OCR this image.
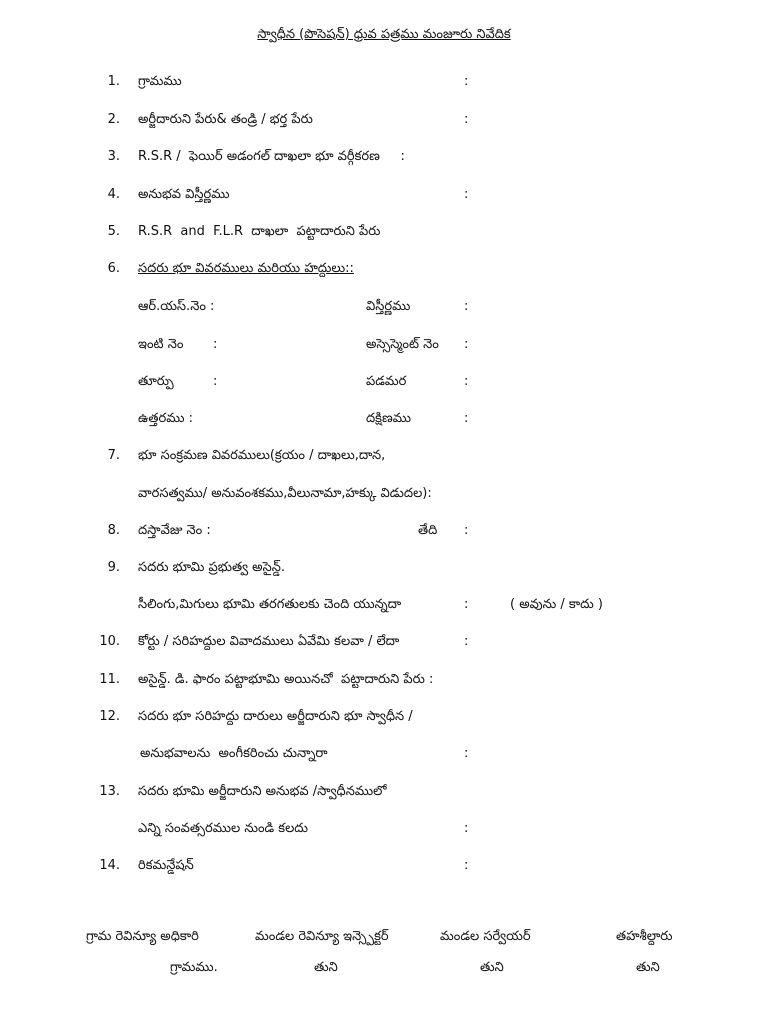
స్వాధీన (పొసెషన్) ధ్రువ పత్రము మంజూరు నివేదిక
1. గ్రామము	:
2. అర్జీదారుని పేరు& తండ్రి / భర్త పేరు	:
3. R.S.R /  ఫెయిర్ అడంగల్ దాఖలా భూ వర్గీకరణ     :
4. అనుభవ విస్తీర్ణము	:
5. R.S.R  and  F.L.R  దాఖలా  పట్టాదారుని పేరు
6. సదరు భూ వివరములు మరియు హద్దులు::
ఆర్.యస్.నెం :	విస్తీర్ణము	:
ఇంటి నెం :	అస్సెస్మెంట్ నెం :
తూర్పు	:	పడమర	:
ఉత్తరము :	దక్షిణము	:
7. భూ సంక్రమణ వివరములు(క్రయం / దాఖలు,దాన,
వారసత్వము/ అనువంశకము,వీలునామా,హక్కు విడుదల):
8. దస్తావేజు నెం :	తేది :
9. సదరు భూమి ప్రభుత్వ అసైన్డ్.
సీలింగు,మిగులు భూమి తరగతులకు చెంది యున్నదా	:	( అవును / కాదు )
10. కోర్టు / సరిహద్దుల వివాదములు ఏవేమి కలవా / లేదా	:
11. అసైన్డ్. డి. ఫారం పట్టాభూమి అయినచో  పట్టాదారుని పేరు :
12. సదరు భూ సరిహద్దు దారులు అర్జీదారుని భూ స్వాధీన /
అనుభవాలను  అంగీకరించు చున్నారా	:
13. సదరు భూమి అర్జీదారుని అనుభవ /స్వాధీనములో
ఎన్ని సంవత్సరముల నుండి కలదు	:
14. రికమన్డేషన్	:
గ్రామ రెవిన్యూ అధికారి	మండల రెవిన్యూ ఇన్స్పెక్టర్	మండల సర్వేయర్	తహశీల్దారు
గ్రామము.	తుని	తుని	తుని
